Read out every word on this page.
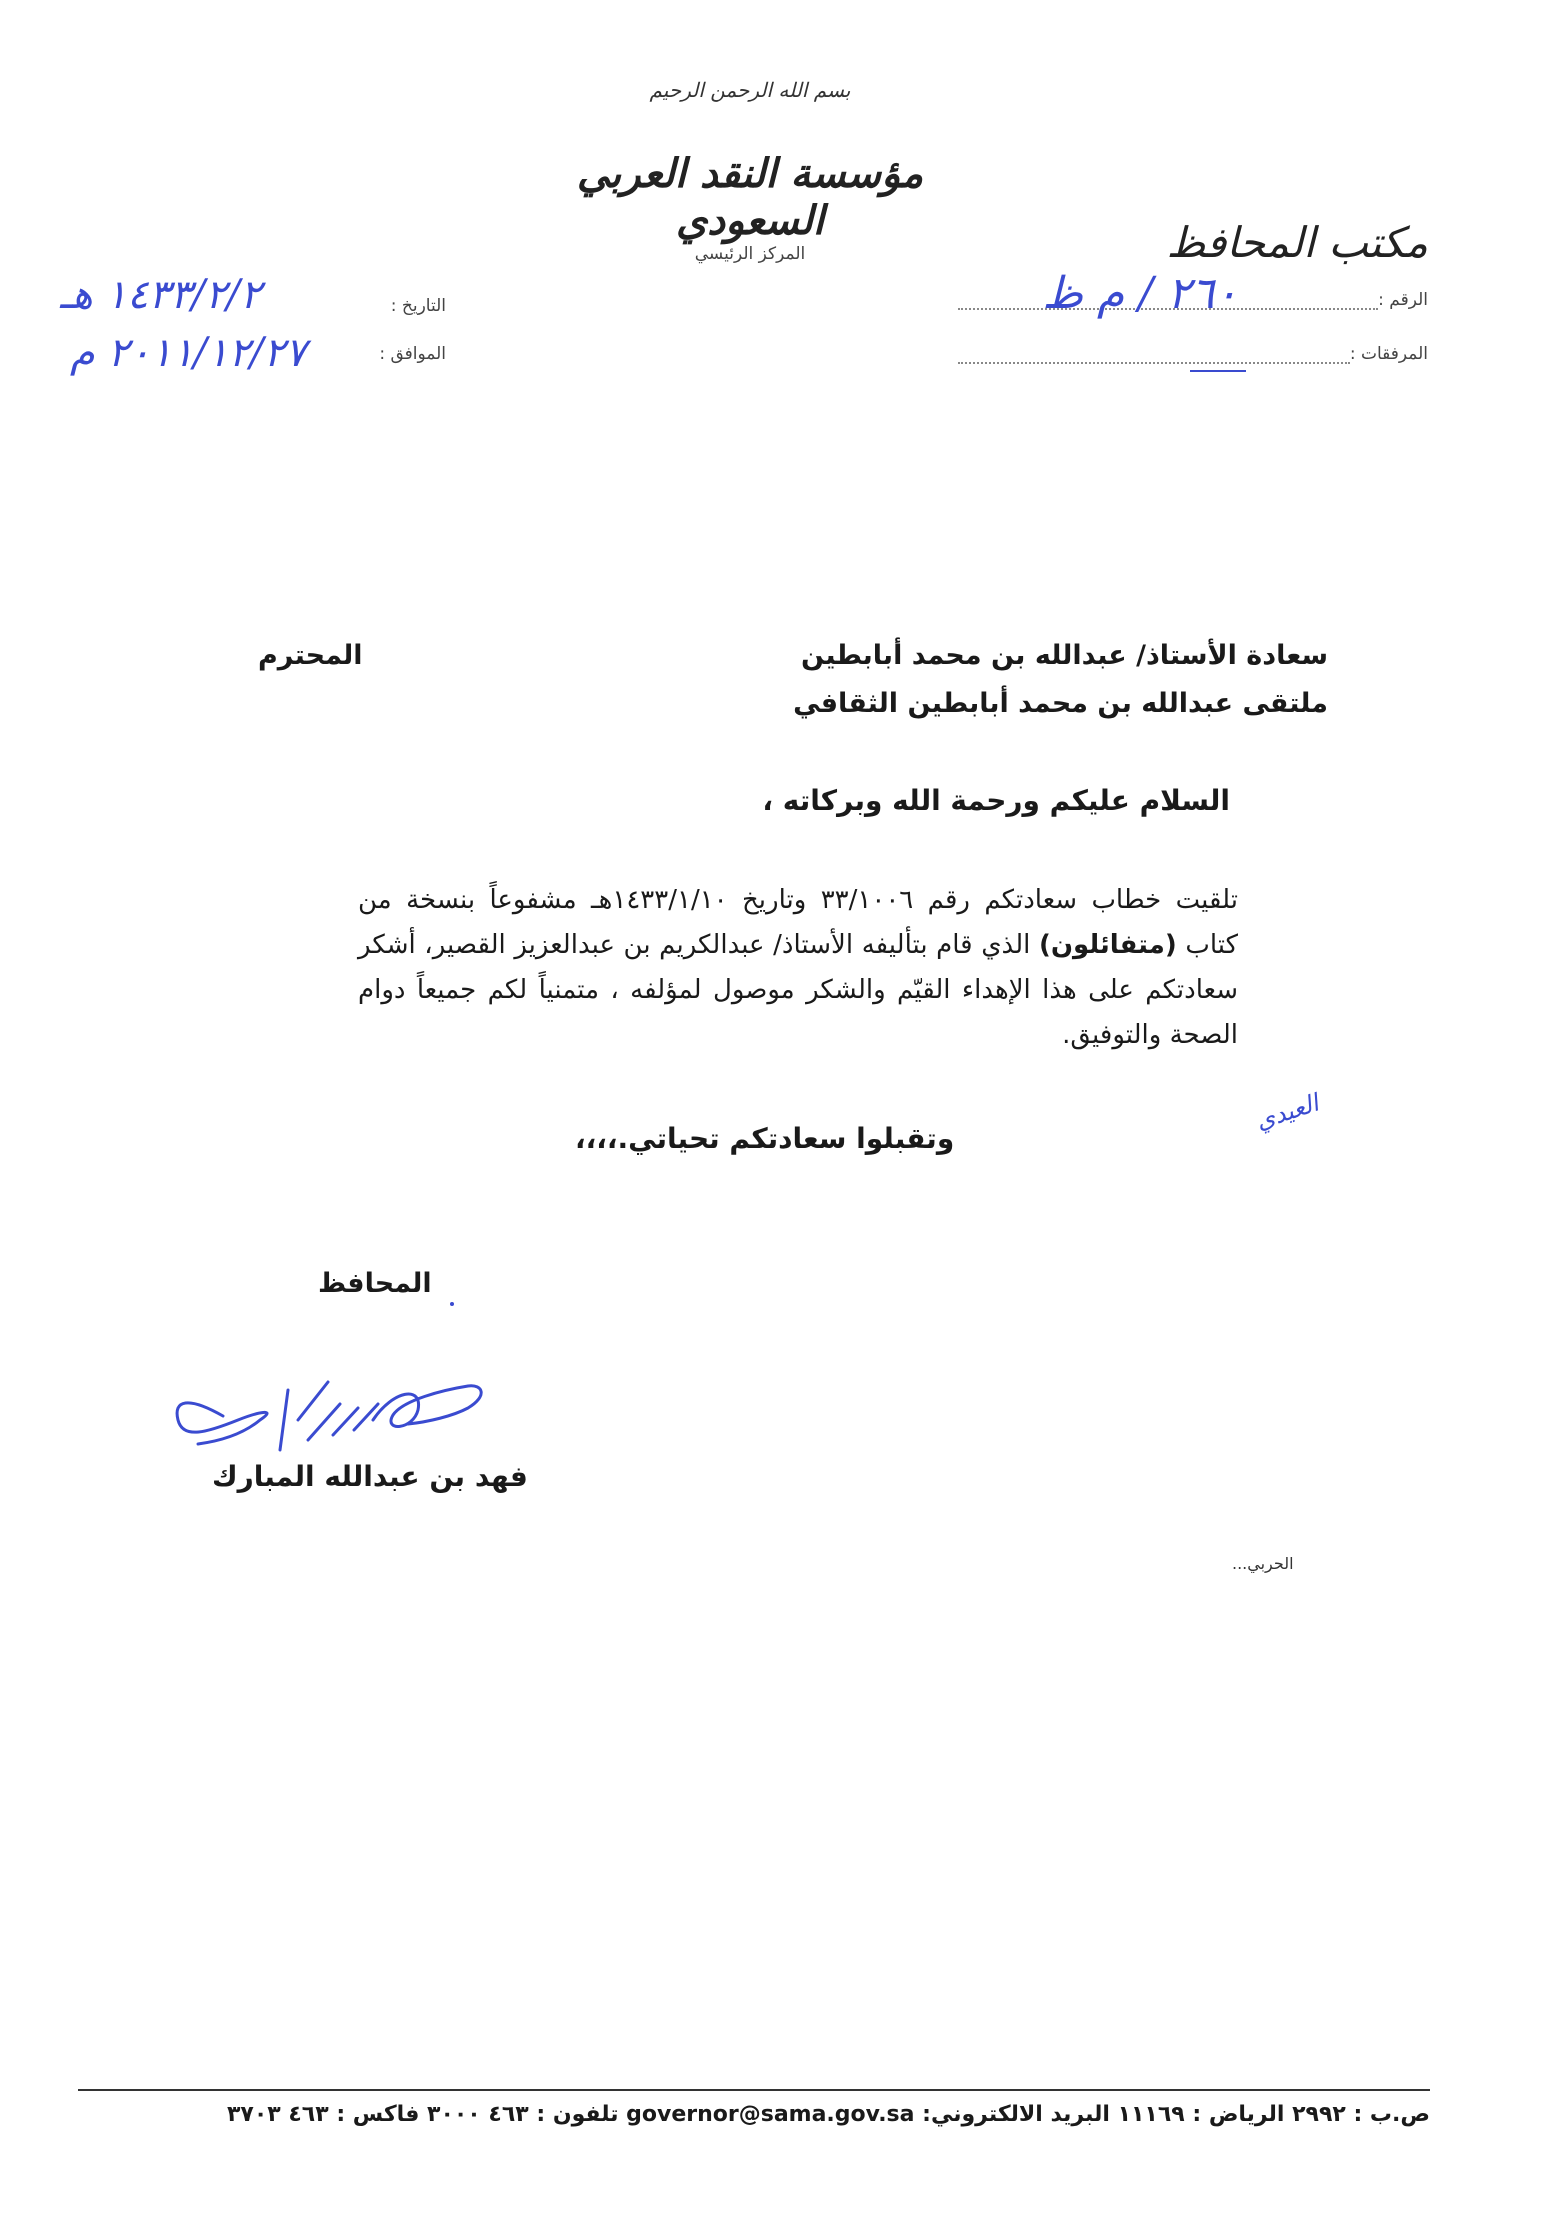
بسم الله الرحمن الرحيم
مؤسسة النقد العربي السعودي
المركز الرئيسي	مكتب المحافظ
الرقم :
٢٦٠ / م ظ
المرفقات :
التاريخ :
١٤٣٣/٢/٢ هـ
الموافق :
٢٠١١/١٢/٢٧ م
سعادة الأستاذ/ عبدالله بن محمد أبابطين
المحترم
ملتقى عبدالله بن محمد أبابطين الثقافي
السلام عليكم ورحمة الله وبركاته ،
تلقيت خطاب سعادتكم رقم ٣٣/١٠٠٦ وتاريخ ١٤٣٣/١/١٠هـ مشفوعاً بنسخة من كتاب (متفائلون) الذي قام بتأليفه الأستاذ/ عبدالكريم بن عبدالعزيز القصير، أشكر سعادتكم على هذا الإهداء القيّم والشكر موصول لمؤلفه ، متمنياً لكم جميعاً دوام الصحة والتوفيق.
العيدي
وتقبلوا سعادتكم تحياتي.،،،،
المحافظ
فهد بن عبدالله المبارك
الحربي...
ص.ب : ٢٩٩٢ الرياض : ١١١٦٩ البريد الالكتروني: governor@sama.gov.sa تلفون : ٤٦٣ ٣٠٠٠ فاكس : ٤٦٣ ٣٧٠٣
